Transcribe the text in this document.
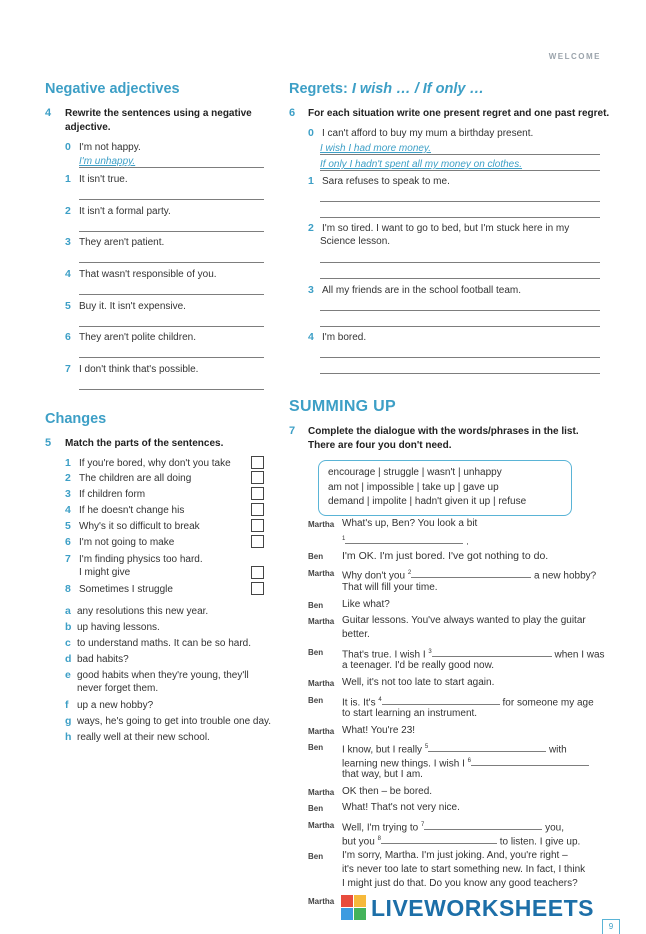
WELCOME
Negative adjectives
4 Rewrite the sentences using a negative adjective.
0 I'm not happy.
I'm unhappy.
1 It isn't true.
2 It isn't a formal party.
3 They aren't patient.
4 That wasn't responsible of you.
5 Buy it. It isn't expensive.
6 They aren't polite children.
7 I don't think that's possible.
Changes
5 Match the parts of the sentences.
1 If you're bored, why don't you take
2 The children are all doing
3 If children form
4 If he doesn't change his
5 Why's it so difficult to break
6 I'm not going to make
7 I'm finding physics too hard.
I might give
8 Sometimes I struggle
a any resolutions this new year.
b up having lessons.
c to understand maths. It can be so hard.
d bad habits?
e good habits when they're young, they'll
never forget them.
f up a new hobby?
g ways, he's going to get into trouble one day.
h really well at their new school.
Regrets: I wish … / If only …
6 For each situation write one present regret and one past regret.
0 I can't afford to buy my mum a birthday present.
I wish I had more money.
If only I hadn't spent all my money on clothes.
1 Sara refuses to speak to me.
2 I'm so tired. I want to go to bed, but I'm stuck here in my
Science lesson.
3 All my friends are in the school football team.
4 I'm bored.
SUMMING UP
7 Complete the dialogue with the words/phrases in the list. There are four you don't need.
encourage | struggle | wasn't | unhappy
am not | impossible | take up | gave up
demand | impolite | hadn't given it up | refuse
Martha What's up, Ben? You look a bit
$^1$	.
Ben I'm OK. I'm just bored. I've got nothing to do.
Martha Why don't you $^2$	a new hobby?
That will fill your time.
Ben Like what?
Martha Guitar lessons. You've always wanted to play the guitar
better.
Ben That's true. I wish I $^3$	when I was
a teenager. I'd be really good now.
Martha Well, it's not too late to start again.
Ben It is. It's $^4$	for someone my age
to start learning an instrument.
Martha What! You're 23!
Ben I know, but I really $^5$	with
learning new things. I wish I $^6$
that way, but I am.
Martha OK then – be bored.
Ben What! That's not very nice.
Martha Well, I'm trying to $^7$	you,
but you $^8$	to listen. I give up.
Ben I'm sorry, Martha. I'm just joking. And, you're right –
it's never too late to start something new. In fact, I think
I might just do that. Do you know any good teachers?
Martha LIVEWORKSHEETS
9
